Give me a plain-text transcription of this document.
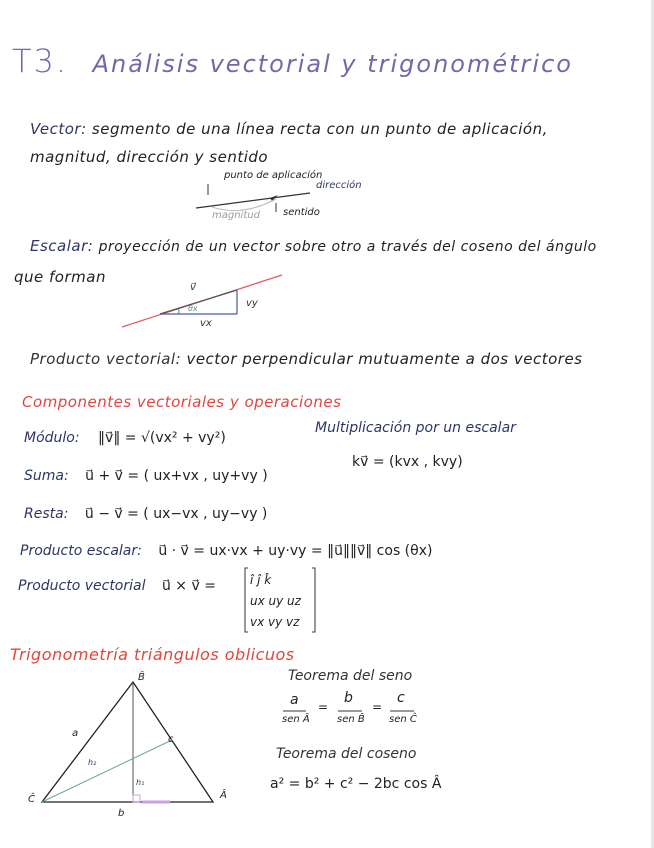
T3. Análisis vectorial y trigonométrico
Vector: segmento de una línea recta con un punto de aplicación,
magnitud, dirección y sentido
punto de aplicación
dirección
magnitud sentido
Escalar: proyección de un vector sobre otro a través del coseno del ángulo
que forman
v⃗
vy
vx
θx
Producto vectorial: vector perpendicular mutuamente a dos vectores
Componentes vectoriales y operaciones
Módulo: ‖v⃗‖ = √(vx² + vy²)
Multiplicación por un escalar
kv⃗ = (kvx , kvy)
Suma: u⃗ + v⃗ = ( ux+vx , uy+vy )
Resta: u⃗ − v⃗ = ( ux−vx , uy−vy )
Producto escalar: u⃗ · v⃗ = ux·vx + uy·vy = ‖u⃗‖‖v⃗‖ cos (θx)
Producto vectorial u⃗ × v⃗ =	î ĵ k̂
ux uy uz
vx vy vz
Trigonometría triángulos oblicuos
B̂
Ĉ	Â
a
b
c
h₁
h₂
Teorema del seno
a
sen Â
=
b
sen B̂
=
c
sen Ĉ
Teorema del coseno
a² = b² + c² − 2bc cos Â
